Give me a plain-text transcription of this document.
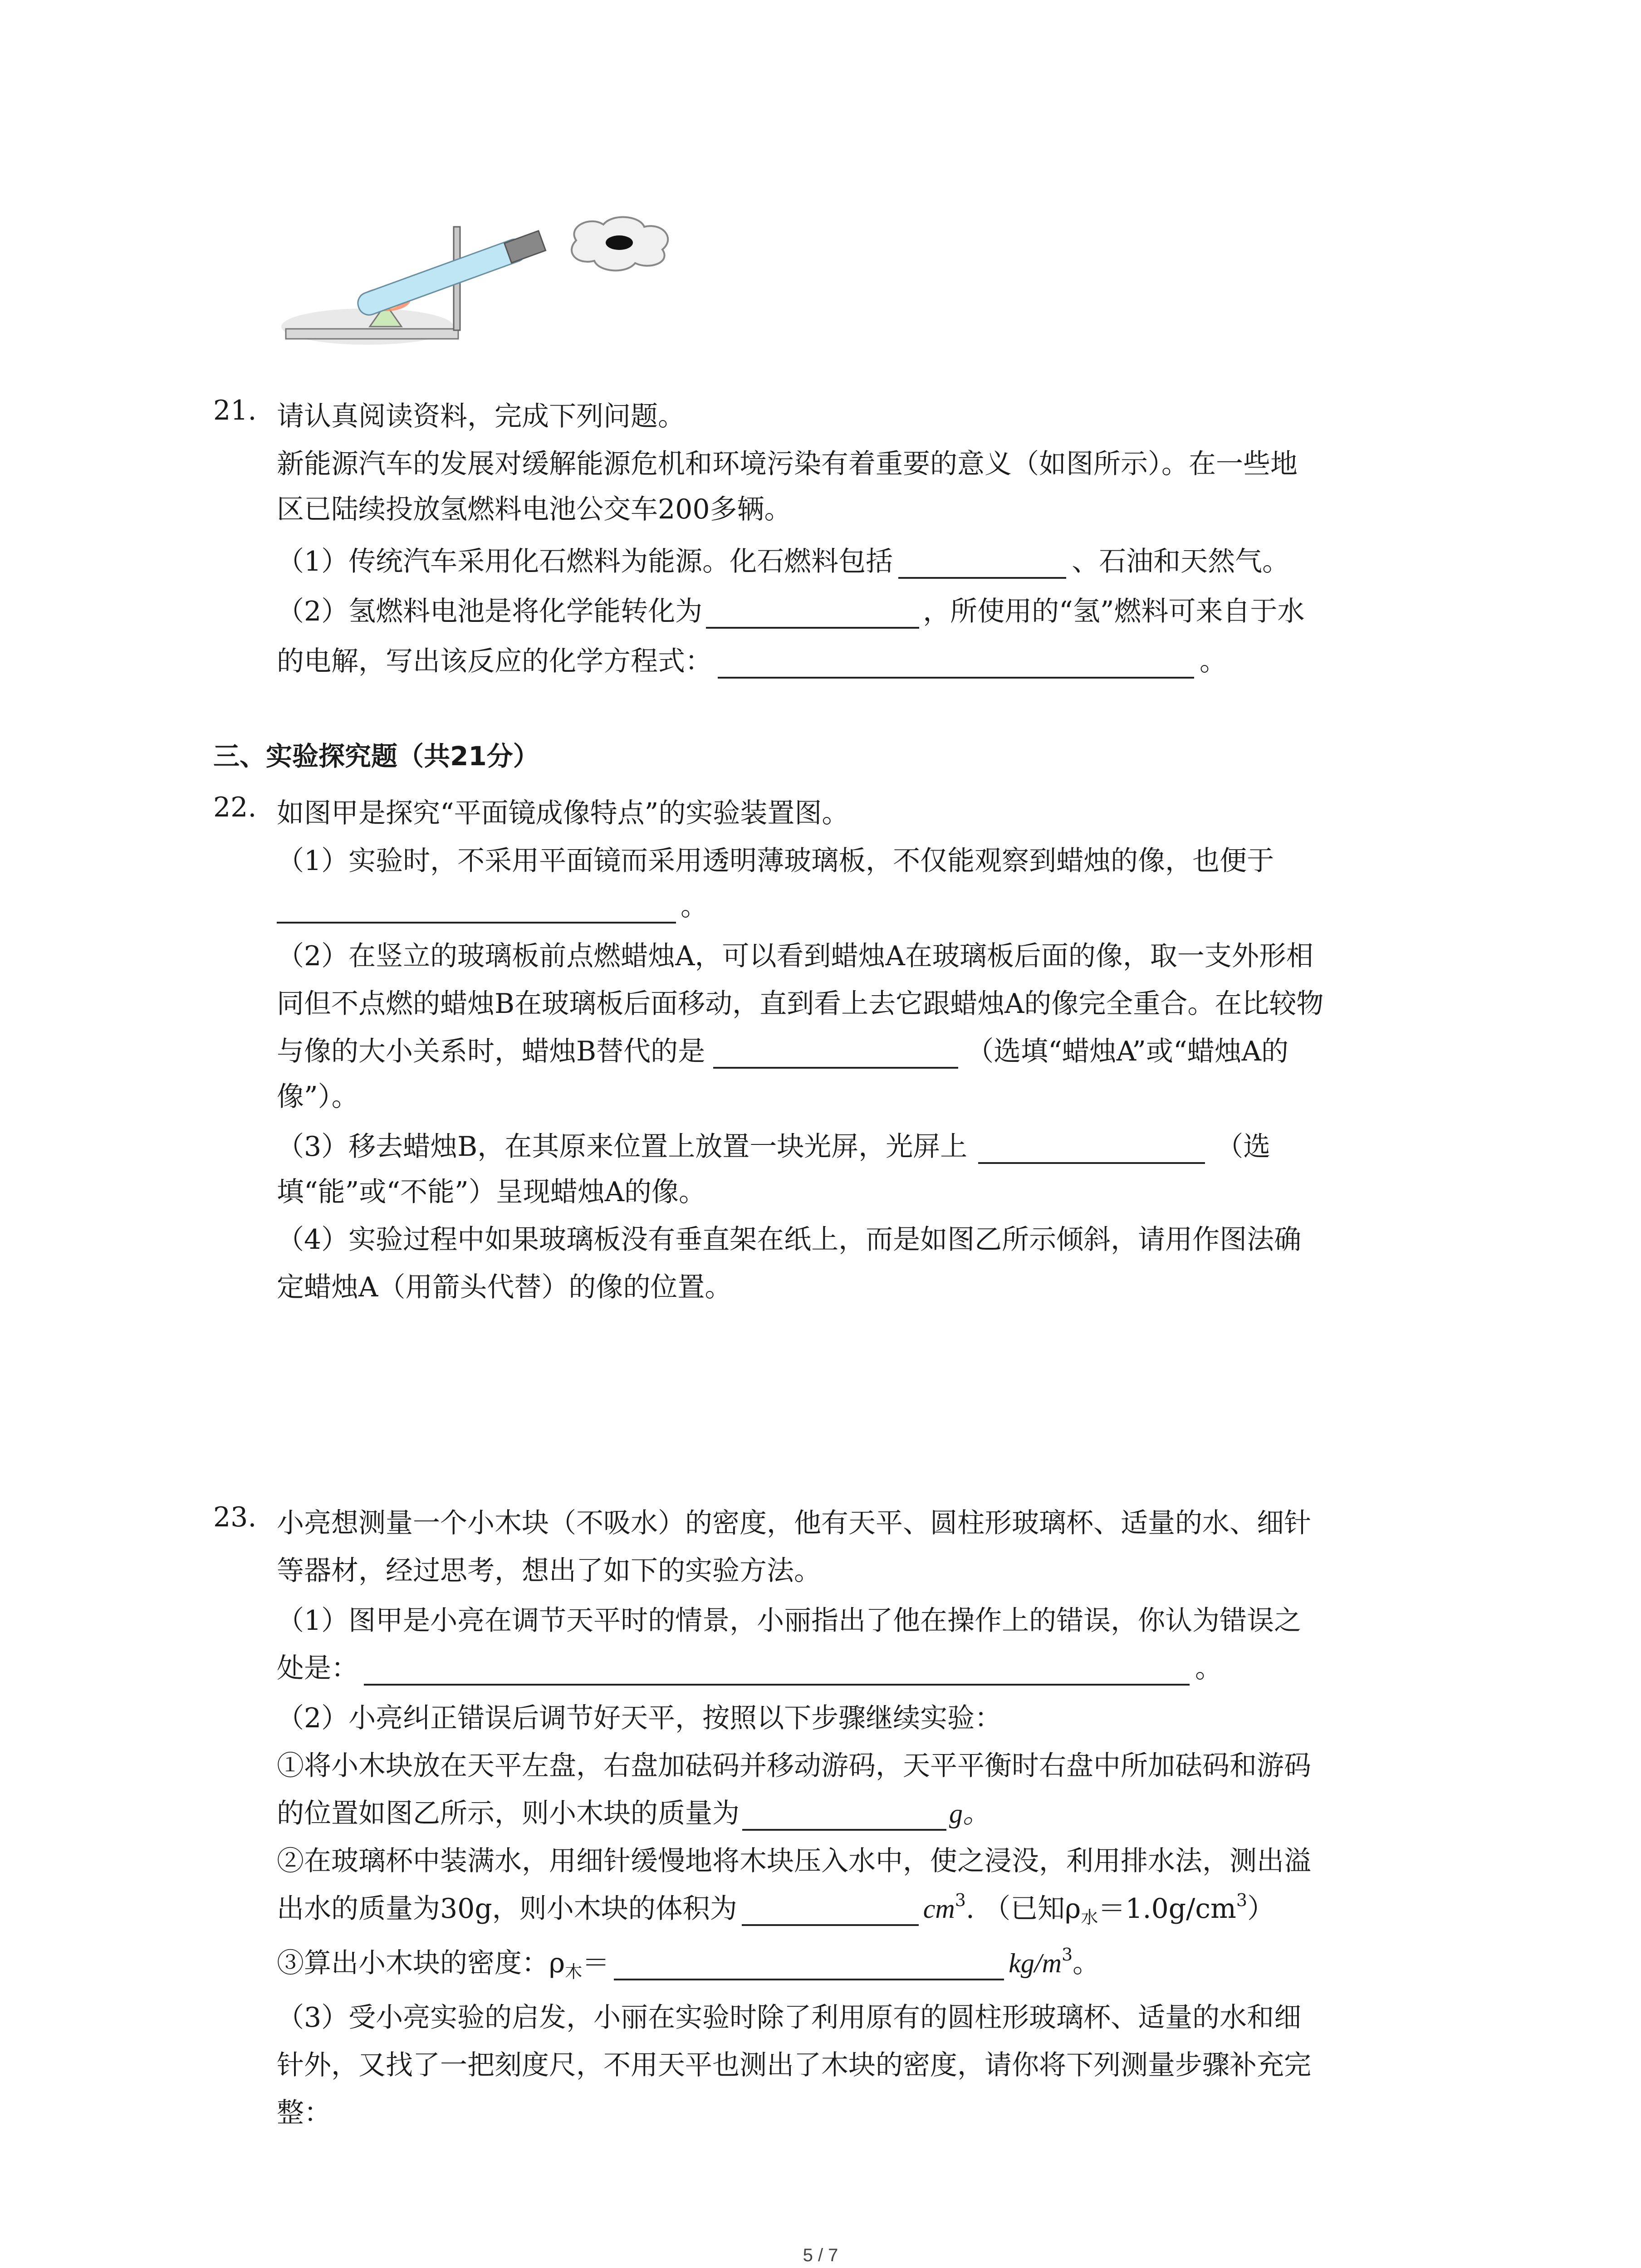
21. 请认真阅读资料，完成下列问题。
新能源汽车的发展对缓解能源危机和环境污染有着重要的意义（如图所示）。在一些地
区已陆续投放氢燃料电池公交车200多辆。
（1）传统汽车采用化石燃料为能源。化石燃料包括	、石油和天然气。
（2）氢燃料电池是将化学能转化为	，所使用的“氢”燃料可来自于水
的电解，写出该反应的化学方程式：	。
三、实验探究题（共21分）
22. 如图甲是探究“平面镜成像特点”的实验装置图。
（1）实验时，不采用平面镜而采用透明薄玻璃板，不仅能观察到蜡烛的像，也便于
。
（2）在竖立的玻璃板前点燃蜡烛A，可以看到蜡烛A在玻璃板后面的像，取一支外形相
同但不点燃的蜡烛B在玻璃板后面移动，直到看上去它跟蜡烛A的像完全重合。在比较物
与像的大小关系时，蜡烛B替代的是	（选填“蜡烛A”或“蜡烛A的
像”）。
（3）移去蜡烛B，在其原来位置上放置一块光屏，光屏上	（选
填“能”或“不能”）呈现蜡烛A的像。
（4）实验过程中如果玻璃板没有垂直架在纸上，而是如图乙所示倾斜，请用作图法确
定蜡烛A（用箭头代替）的像的位置。
23. 小亮想测量一个小木块（不吸水）的密度，他有天平、圆柱形玻璃杯、适量的水、细针
等器材，经过思考，想出了如下的实验方法。
（1）图甲是小亮在调节天平时的情景，小丽指出了他在操作上的错误，你认为错误之
处是：	。
（2）小亮纠正错误后调节好天平，按照以下步骤继续实验：
①将小木块放在天平左盘，右盘加砝码并移动游码，天平平衡时右盘中所加砝码和游码
的位置如图乙所示，则小木块的质量为	g。
②在玻璃杯中装满水，用细针缓慢地将木块压入水中，使之浸没，利用排水法，测出溢
出水的质量为30g，则小木块的体积为	$cm^3$. （已知$\rho_水=1.0g/cm^3$）
③算出小木块的密度：$\rho_木=$	$kg/m^3$。
（3）受小亮实验的启发，小丽在实验时除了利用原有的圆柱形玻璃杯、适量的水和细
针外，又找了一把刻度尺，不用天平也测出了木块的密度，请你将下列测量步骤补充完
整：
5 / 7
